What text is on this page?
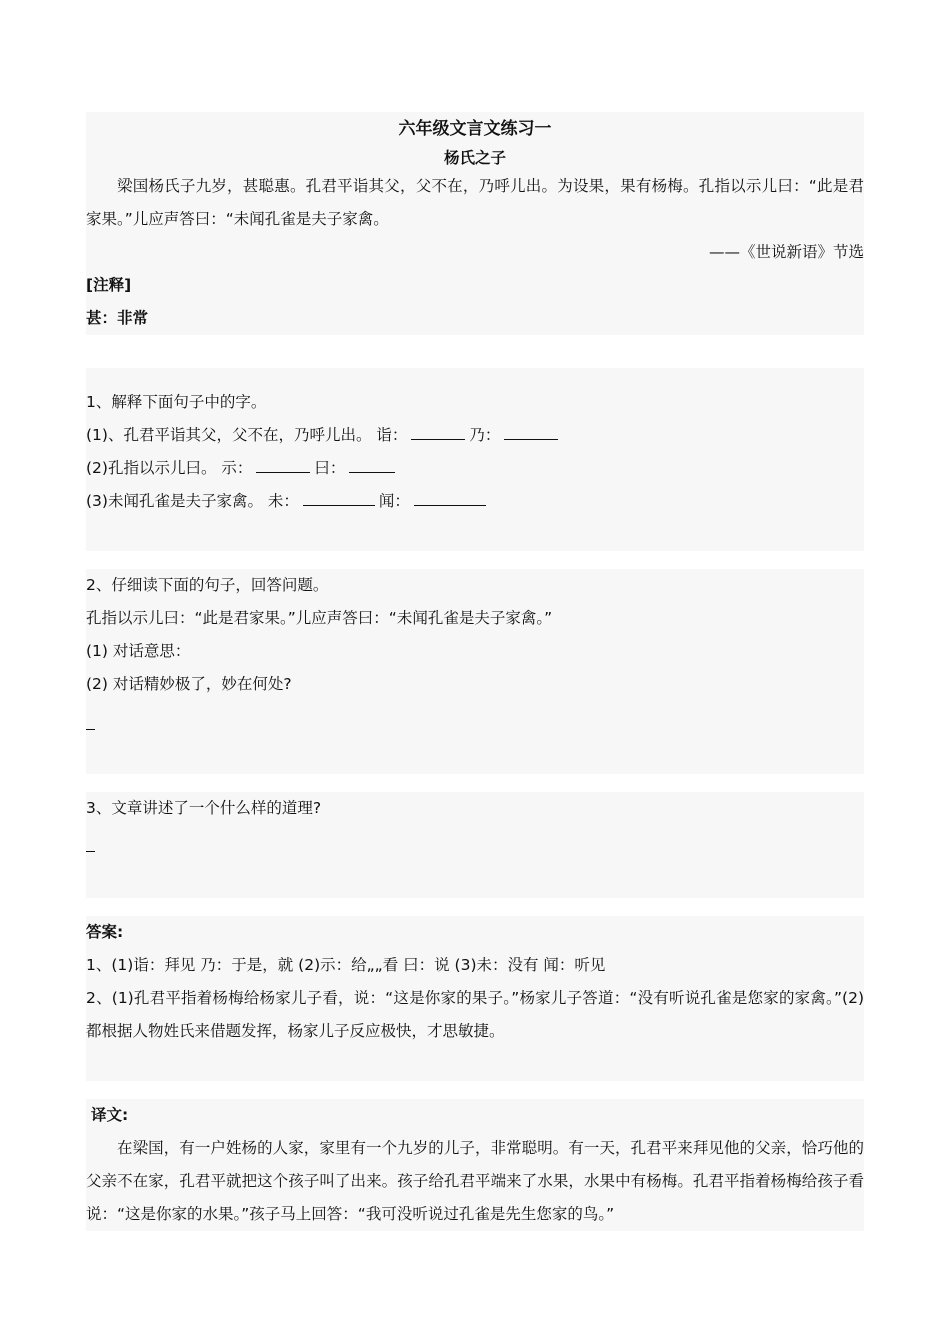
六年级文言文练习一
杨氏之子
梁国杨氏子九岁，甚聪惠。孔君平诣其父，父不在，乃呼儿出。为设果，果有杨梅。孔指以示儿曰：“此是君家果。”儿应声答曰：“未闻孔雀是夫子家禽。
——《世说新语》节选
[注释]
甚：非常
1、解释下面句子中的字。
(1)、孔君平诣其父，父不在，乃呼儿出。 诣：	乃：
(2)孔指以示儿曰。 示：	曰：
(3)未闻孔雀是夫子家禽。 未：	闻：
2、仔细读下面的句子，回答问题。
孔指以示儿曰：“此是君家果。”儿应声答曰：“未闻孔雀是夫子家禽。”
(1) 对话意思：
(2) 对话精妙极了，妙在何处?
3、文章讲述了一个什么样的道理?
答案:
1、(1)诣：拜见 乃：于是，就 (2)示：给„„看 曰：说 (3)未：没有 闻：听见
2、(1)孔君平指着杨梅给杨家儿子看，说：“这是你家的果子。”杨家儿子答道：“没有听说孔雀是您家的家禽。”(2)都根据人物姓氏来借题发挥，杨家儿子反应极快，才思敏捷。
译文:
在梁国，有一户姓杨的人家，家里有一个九岁的儿子，非常聪明。有一天，孔君平来拜见他的父亲，恰巧他的父亲不在家，孔君平就把这个孩子叫了出来。孩子给孔君平端来了水果，水果中有杨梅。孔君平指着杨梅给孩子看说：“这是你家的水果。”孩子马上回答：“我可没听说过孔雀是先生您家的鸟。”
